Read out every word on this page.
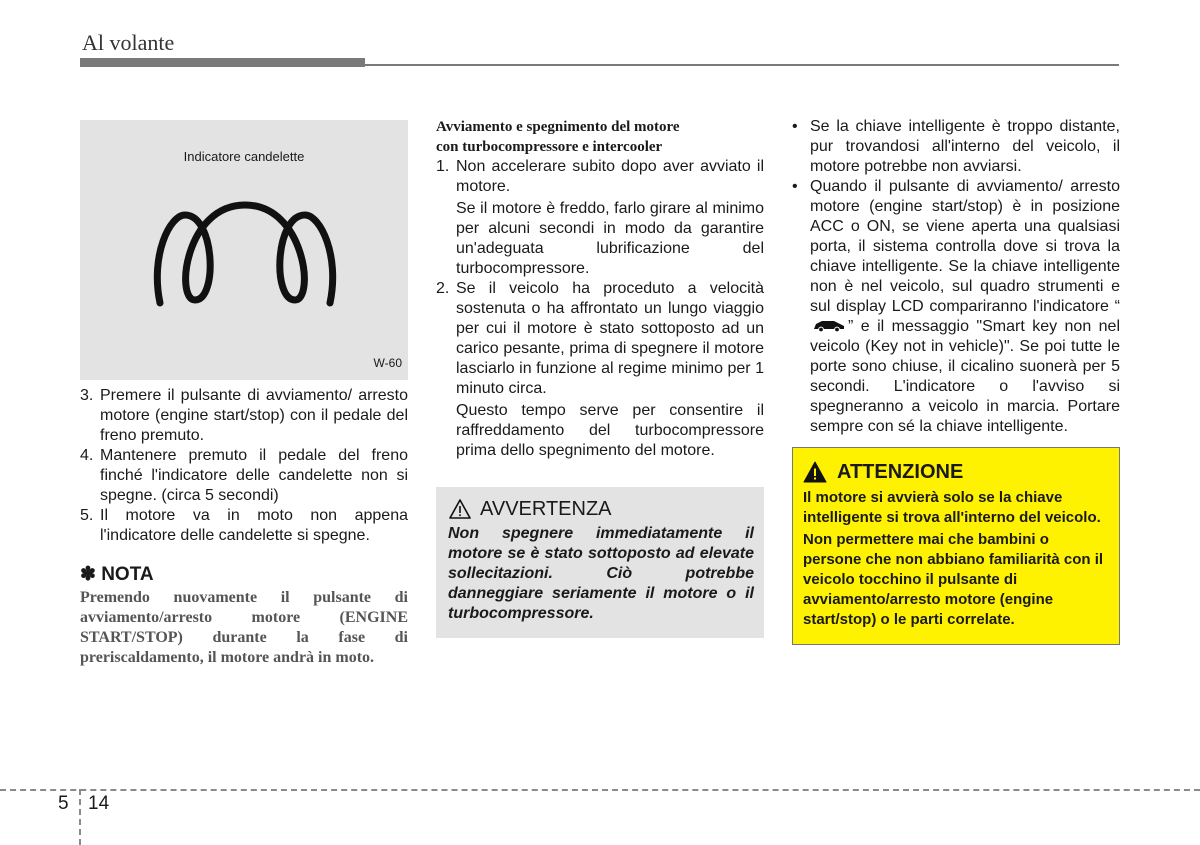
Al volante
Indicatore candelette
W-60
3. Premere il pulsante di avviamento/ arresto motore (engine start/stop) con il pedale del freno premuto.
4. Mantenere premuto il pedale del freno finché l'indicatore delle candelette non si spegne. (circa 5 secondi)
5. Il motore va in moto non appena l'indicatore delle candelette si spegne.
✽ NOTA
Premendo nuovamente il pulsante di avviamento/arresto motore (ENGINE START/STOP) durante la fase di preriscaldamento, il motore andrà in moto.
Avviamento e spegnimento del motore
con turbocompressore e intercooler
1. Non accelerare subito dopo aver avviato il motore.
Se il motore è freddo, farlo girare al minimo per alcuni secondi in modo da garantire un'adeguata lubrificazione del turbocompressore.
2. Se il veicolo ha proceduto a velocità sostenuta o ha affrontato un lungo viaggio per cui il motore è stato sottoposto ad un carico pesante, prima di spegnere il motore lasciarlo in funzione al regime minimo per 1 minuto circa.
Questo tempo serve per consentire il raffreddamento del turbocompressore prima dello spegnimento del motore.
AVVERTENZA
Non spegnere immediatamente il motore se è stato sottoposto ad elevate sollecitazioni. Ciò potrebbe danneggiare seriamente il motore o il turbocompressore.
• Se la chiave intelligente è troppo distante, pur trovandosi all'interno del veicolo, il motore potrebbe non avviarsi.
• Quando il pulsante di avviamento/ arresto motore (engine start/stop) è in posizione ACC o ON, se viene aperta una qualsiasi porta, il sistema controlla dove si trova la chiave intelligente. Se la chiave intelligente non è nel veicolo, sul quadro strumenti e sul display LCD compariranno l'indicatore “” e il messaggio "Smart key non nel veicolo (Key not in vehicle)". Se poi tutte le porte sono chiuse, il cicalino suonerà per 5 secondi. L'indicatore o l'avviso si spegneranno a veicolo in marcia. Portare sempre con sé la chiave intelligente.
ATTENZIONE
Il motore si avvierà solo se la chiave intelligente si trova all'interno del veicolo.
Non permettere mai che bambini o persone che non abbiano familiarità con il veicolo tocchino il pulsante di avviamento/arresto motore (engine start/stop) o le parti correlate.
5 14
